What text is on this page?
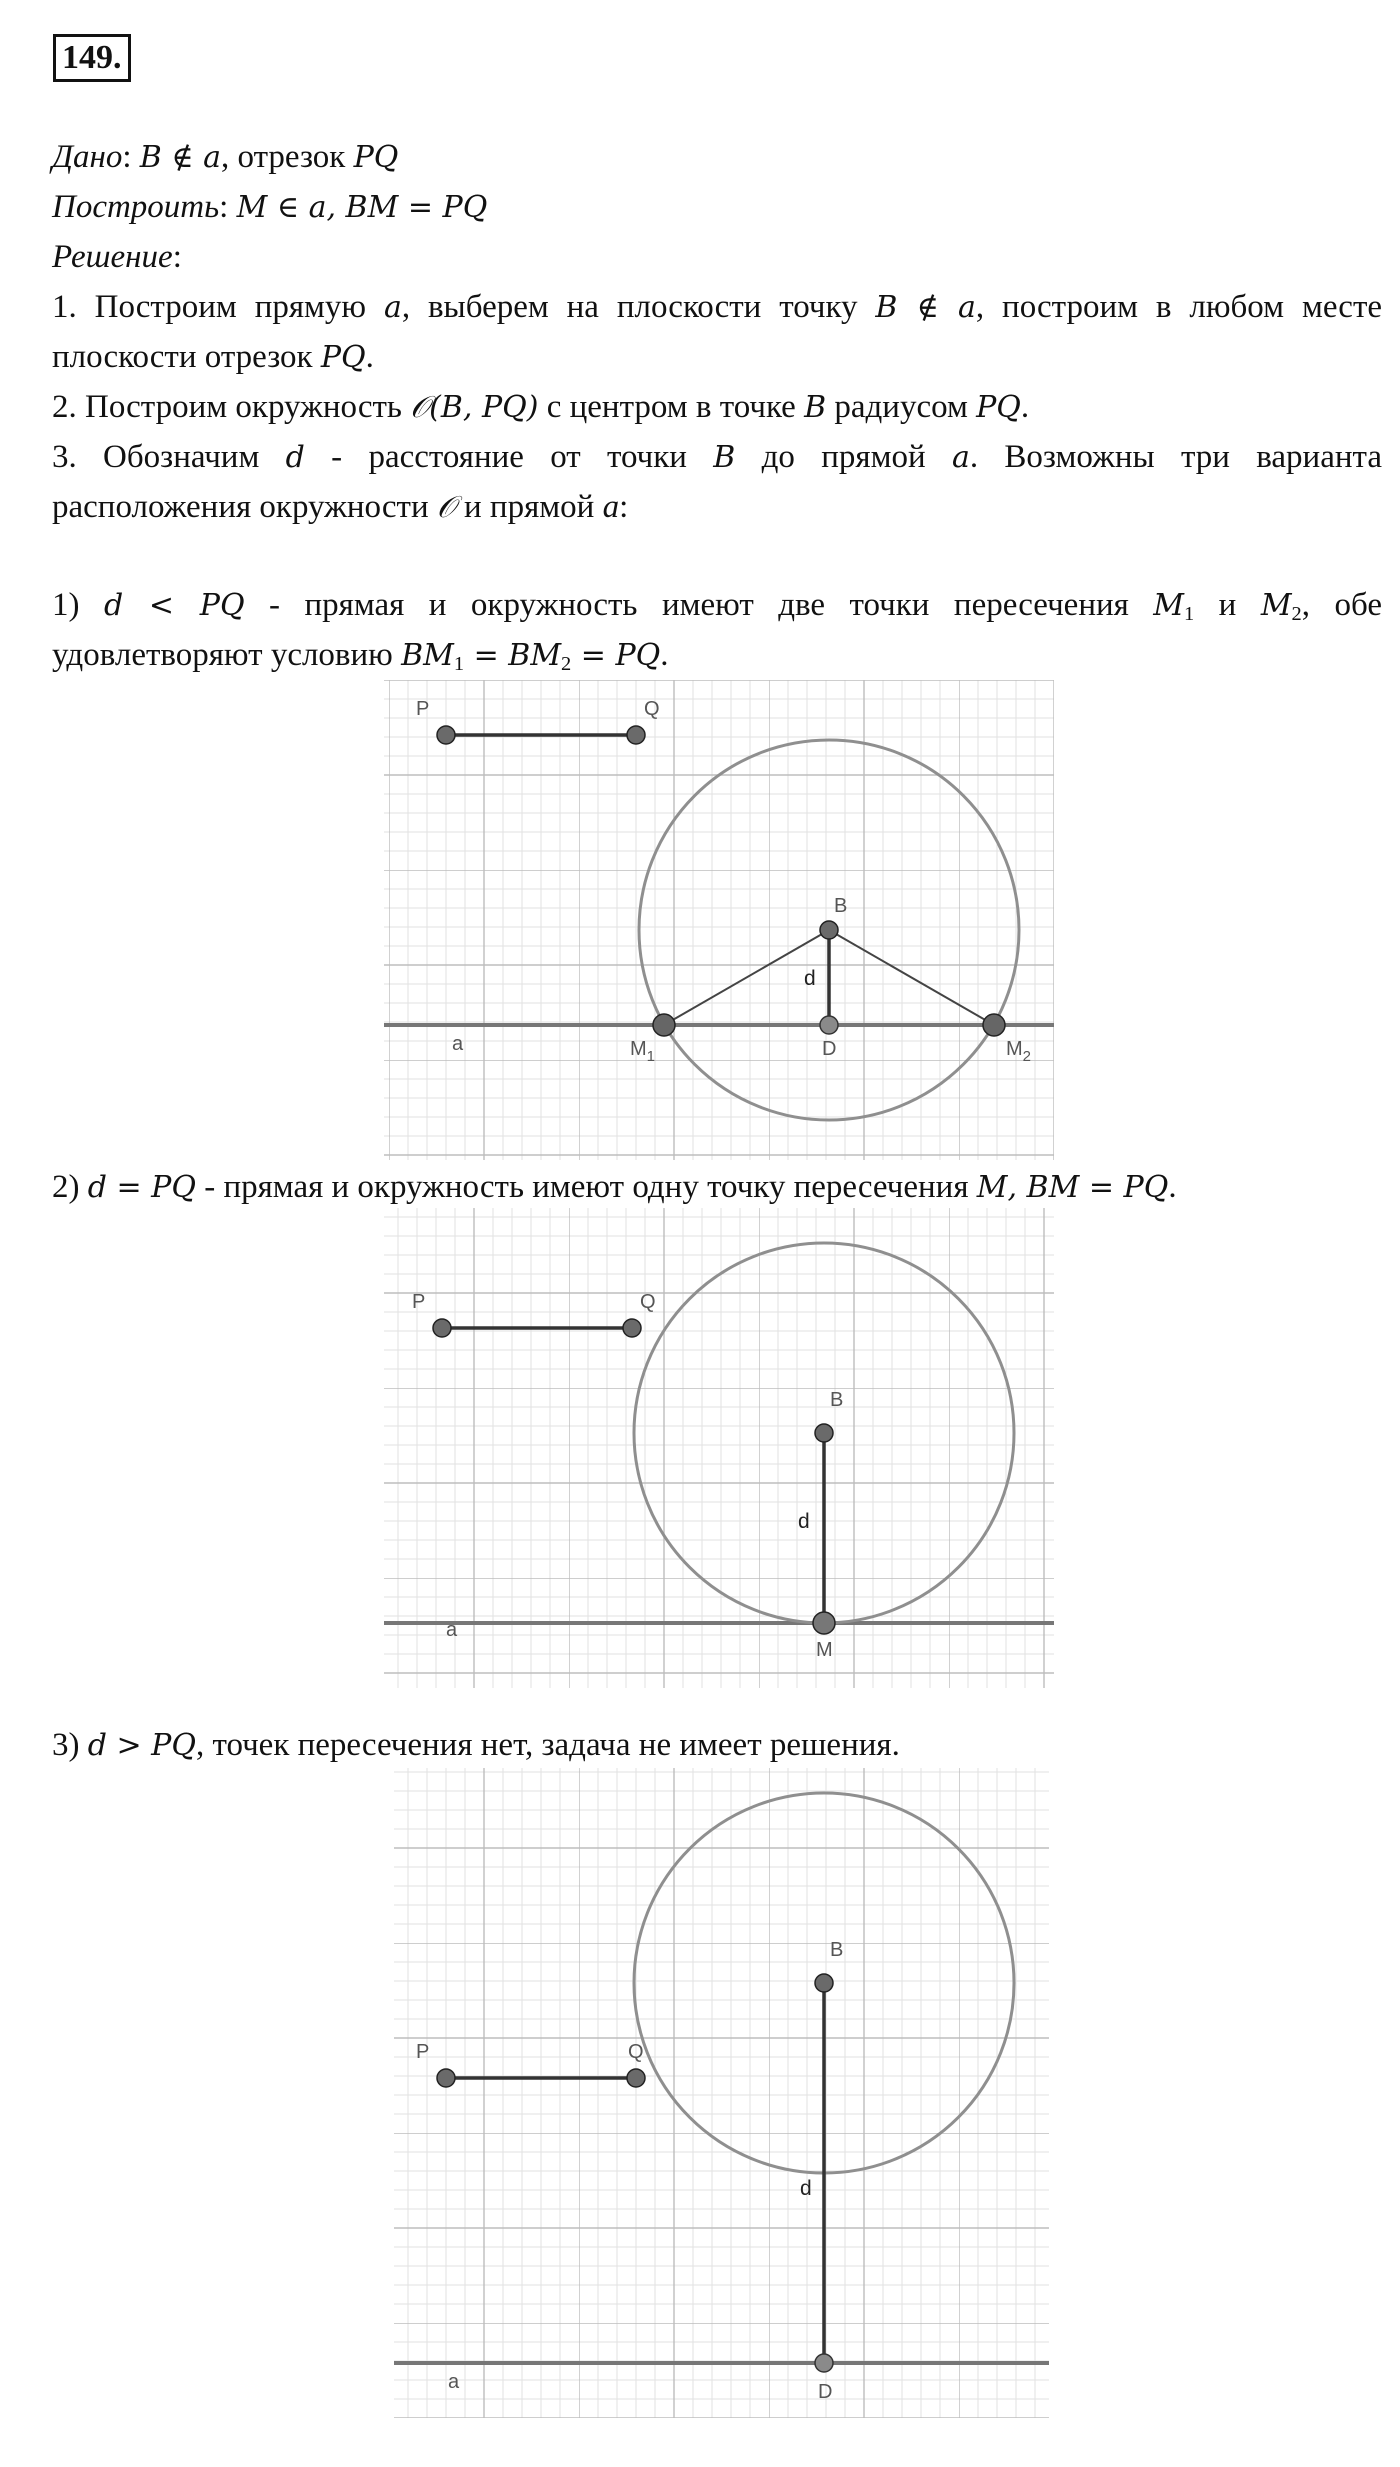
149.
Дано: B ∉ a, отрезок PQ
Построить: M ∈ a, BM = PQ
Решение:
1. Построим прямую a, выберем на плоскости точку B ∉ a, построим в любом месте
плоскости отрезок PQ.
2. Построим окружность 𝒪(B, PQ) с центром в точке B радиусом PQ.
3. Обозначим d - расстояние от точки B до прямой a. Возможны три варианта
расположения окружности 𝒪 и прямой a:
1) d < PQ - прямая и окружность имеют две точки пересечения $M_1$ и $M_2$, обе
удовлетворяют условию $BM_1 = BM_2$ = PQ.
P	Q
B
d
a	$M_1$	D	$M_2$
2) d = PQ - прямая и окружность имеют одну точку пересечения M, BM = PQ.
P	Q
B
d
a
M
3) d > PQ, точек пересечения нет, задача не имеет решения.
P	Q
B
d
a	D
